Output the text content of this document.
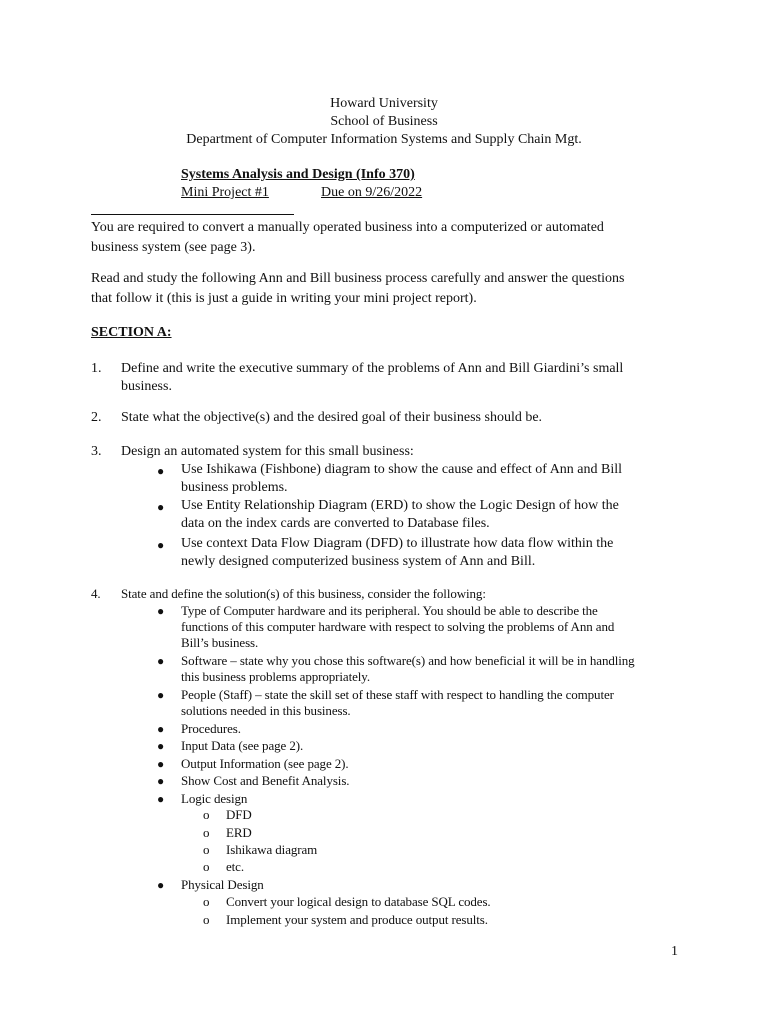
Howard University
School of Business
Department of Computer Information Systems and Supply Chain Mgt.
Systems Analysis and Design (Info 370)
Mini Project #1	Due on 9/26/2022
You are required to convert a manually operated business into a computerized or automated
business system (see page 3).
Read and study the following Ann and Bill business process carefully and answer the questions
that follow it (this is just a guide in writing your mini project report).
SECTION A:
1. Define and write the executive summary of the problems of Ann and Bill Giardini’s small
business.
2. State what the objective(s) and the desired goal of their business should be.
3. Design an automated system for this small business:
● Use Ishikawa (Fishbone) diagram to show the cause and effect of Ann and Bill
business problems.
● Use Entity Relationship Diagram (ERD) to show the Logic Design of how the
data on the index cards are converted to Database files.
● Use context Data Flow Diagram (DFD) to illustrate how data flow within the
newly designed computerized business system of Ann and Bill.
4. State and define the solution(s) of this business, consider the following:
● Type of Computer hardware and its peripheral. You should be able to describe the
functions of this computer hardware with respect to solving the problems of Ann and
Bill’s business.
● Software – state why you chose this software(s) and how beneficial it will be in handling
this business problems appropriately.
● People (Staff) – state the skill set of these staff with respect to handling the computer
solutions needed in this business.
● Procedures.
● Input Data (see page 2).
● Output Information (see page 2).
● Show Cost and Benefit Analysis.
● Logic design
o DFD
o ERD
o Ishikawa diagram
o etc.
● Physical Design
o Convert your logical design to database SQL codes.
o Implement your system and produce output results.
1
